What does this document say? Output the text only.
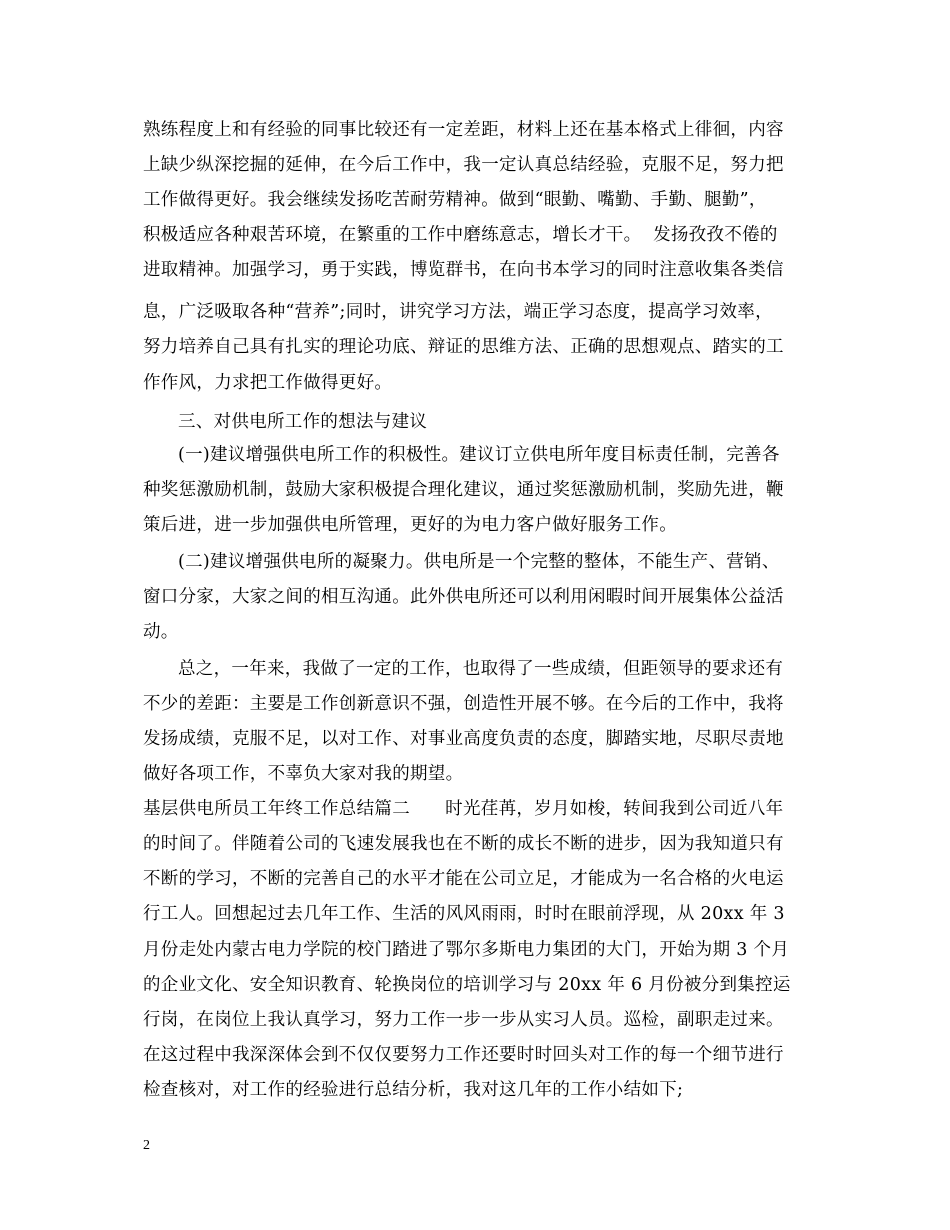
熟练程度上和有经验的同事比较还有一定差距，材料上还在基本格式上徘徊，内容
上缺少纵深挖掘的延伸，在今后工作中，我一定认真总结经验，克服不足，努力把
工作做得更好。我会继续发扬吃苦耐劳精神。做到“眼勤、嘴勤、手勤、腿勤”，
积极适应各种艰苦环境，在繁重的工作中磨练意志，增长才干。  发扬孜孜不倦的
进取精神。加强学习，勇于实践，博览群书，在向书本学习的同时注意收集各类信
息，广泛吸取各种“营养”;同时，讲究学习方法，端正学习态度，提高学习效率，
努力培养自己具有扎实的理论功底、辩证的思维方法、正确的思想观点、踏实的工
作作风，力求把工作做得更好。
三、对供电所工作的想法与建议
(一)建议增强供电所工作的积极性。建议订立供电所年度目标责任制，完善各
种奖惩激励机制，鼓励大家积极提合理化建议，通过奖惩激励机制，奖励先进，鞭
策后进，进一步加强供电所管理，更好的为电力客户做好服务工作。
(二)建议增强供电所的凝聚力。供电所是一个完整的整体，不能生产、营销、
窗口分家，大家之间的相互沟通。此外供电所还可以利用闲暇时间开展集体公益活
动。
总之，一年来，我做了一定的工作，也取得了一些成绩，但距领导的要求还有
不少的差距：主要是工作创新意识不强，创造性开展不够。在今后的工作中，我将
发扬成绩，克服不足，以对工作、对事业高度负责的态度，脚踏实地，尽职尽责地
做好各项工作，不辜负大家对我的期望。
基层供电所员工年终工作总结篇二      时光荏苒，岁月如梭，转间我到公司近八年
的时间了。伴随着公司的飞速发展我也在不断的成长不断的进步，因为我知道只有
不断的学习，不断的完善自己的水平才能在公司立足，才能成为一名合格的火电运
行工人。回想起过去几年工作、生活的风风雨雨，时时在眼前浮现，从 20xx 年 3
月份走处内蒙古电力学院的校门踏进了鄂尔多斯电力集团的大门，开始为期 3 个月
的企业文化、安全知识教育、轮换岗位的培训学习与 20xx 年 6 月份被分到集控运
行岗，在岗位上我认真学习，努力工作一步一步从实习人员。巡检，副职走过来。
在这过程中我深深体会到不仅仅要努力工作还要时时回头对工作的每一个细节进行
检查核对，对工作的经验进行总结分析，我对这几年的工作小结如下;
2
